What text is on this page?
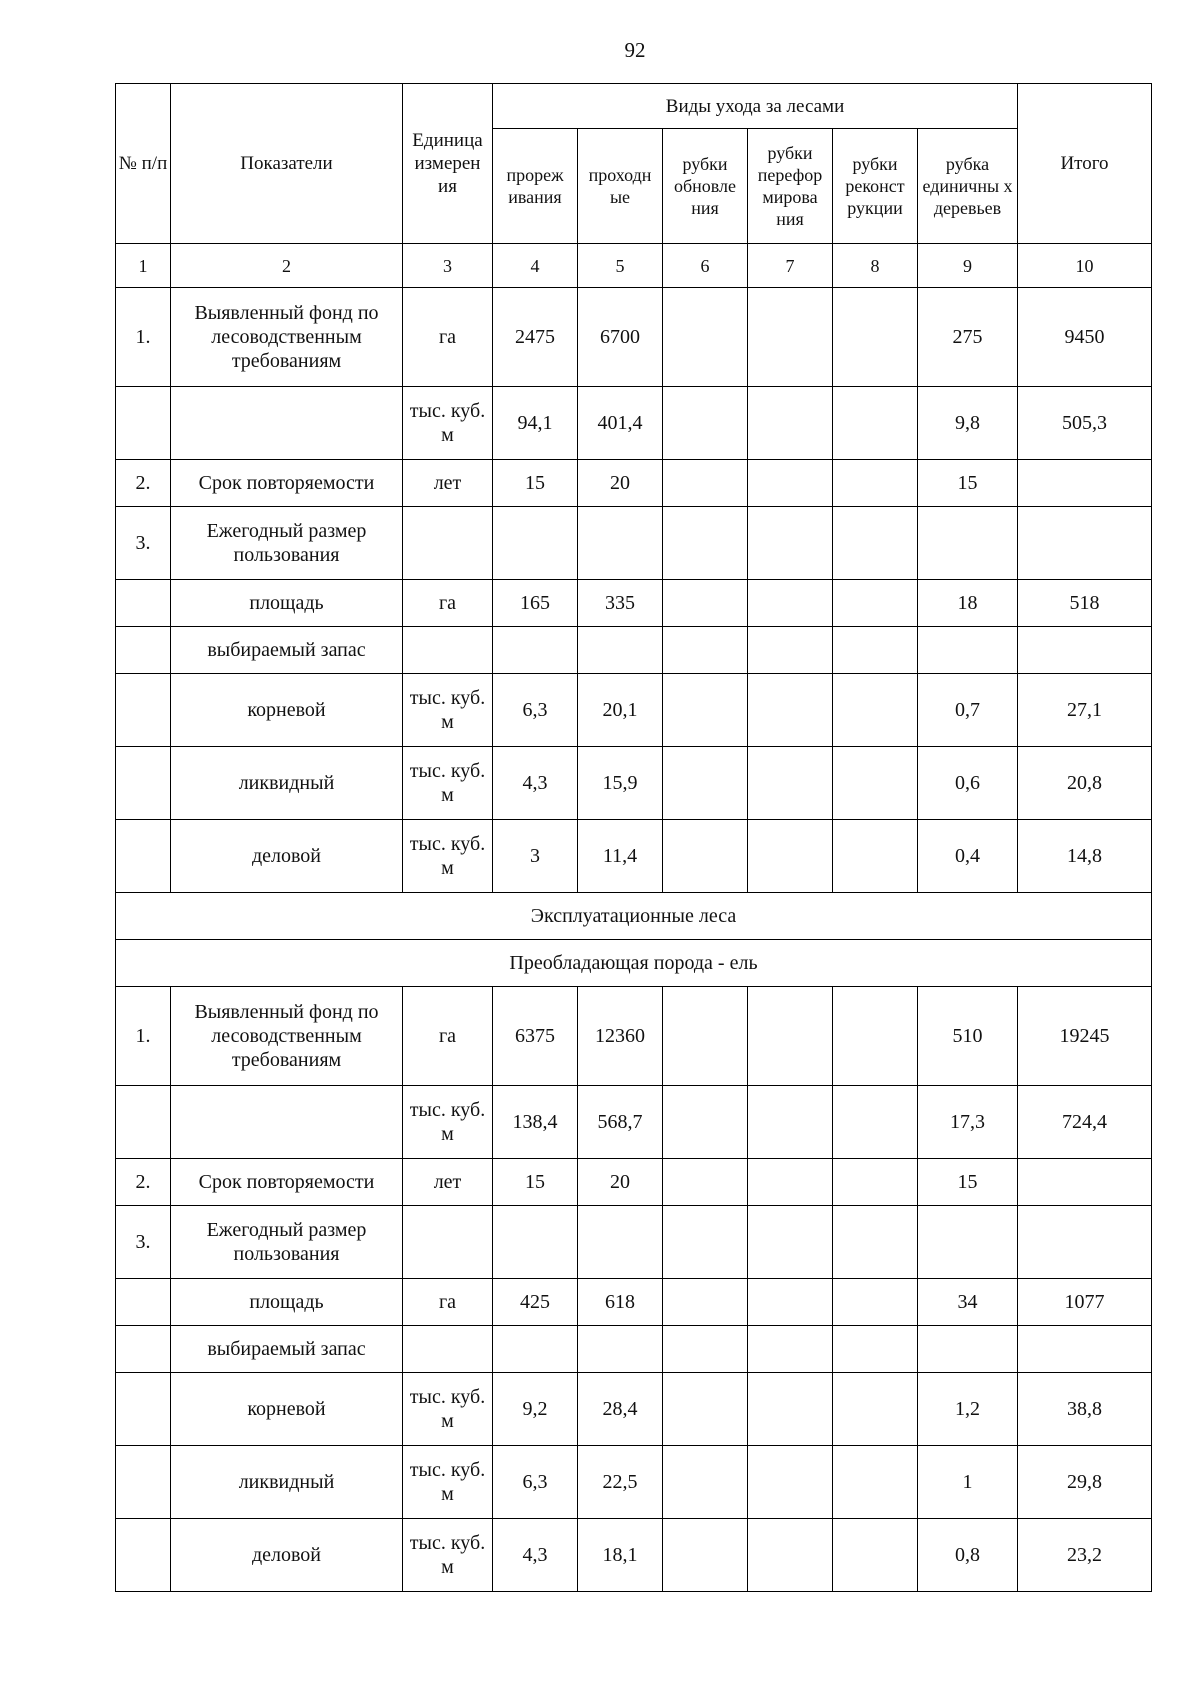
92
№ п/п	Показатели	Единица измерен ия	Виды ухода за лесами						Итого
			прореж ивания	проходн ые	рубки обновле ния	рубки перефор мирова ния	рубки реконст рукции	рубка единичны х деревьев	
1	2	3	4	5	6	7	8	9	10
1.	Выявленный фонд по лесоводственным требованиям	га	2475	6700				275	9450
		тыс. куб. м	94,1	401,4				9,8	505,3
2.	Срок повторяемости	лет	15	20				15	
3.	Ежегодный размер пользования								
	площадь	га	165	335				18	518
	выбираемый запас								
	корневой	тыс. куб. м	6,3	20,1				0,7	27,1
	ликвидный	тыс. куб. м	4,3	15,9				0,6	20,8
	деловой	тыс. куб. м	3	11,4				0,4	14,8
Эксплуатационные леса									
Преобладающая порода - ель									
1.	Выявленный фонд по лесоводственным требованиям	га	6375	12360				510	19245
		тыс. куб. м	138,4	568,7				17,3	724,4
2.	Срок повторяемости	лет	15	20				15	
3.	Ежегодный размер пользования								
	площадь	га	425	618				34	1077
	выбираемый запас								
	корневой	тыс. куб. м	9,2	28,4				1,2	38,8
	ликвидный	тыс. куб. м	6,3	22,5				1	29,8
	деловой	тыс. куб. м	4,3	18,1				0,8	23,2
